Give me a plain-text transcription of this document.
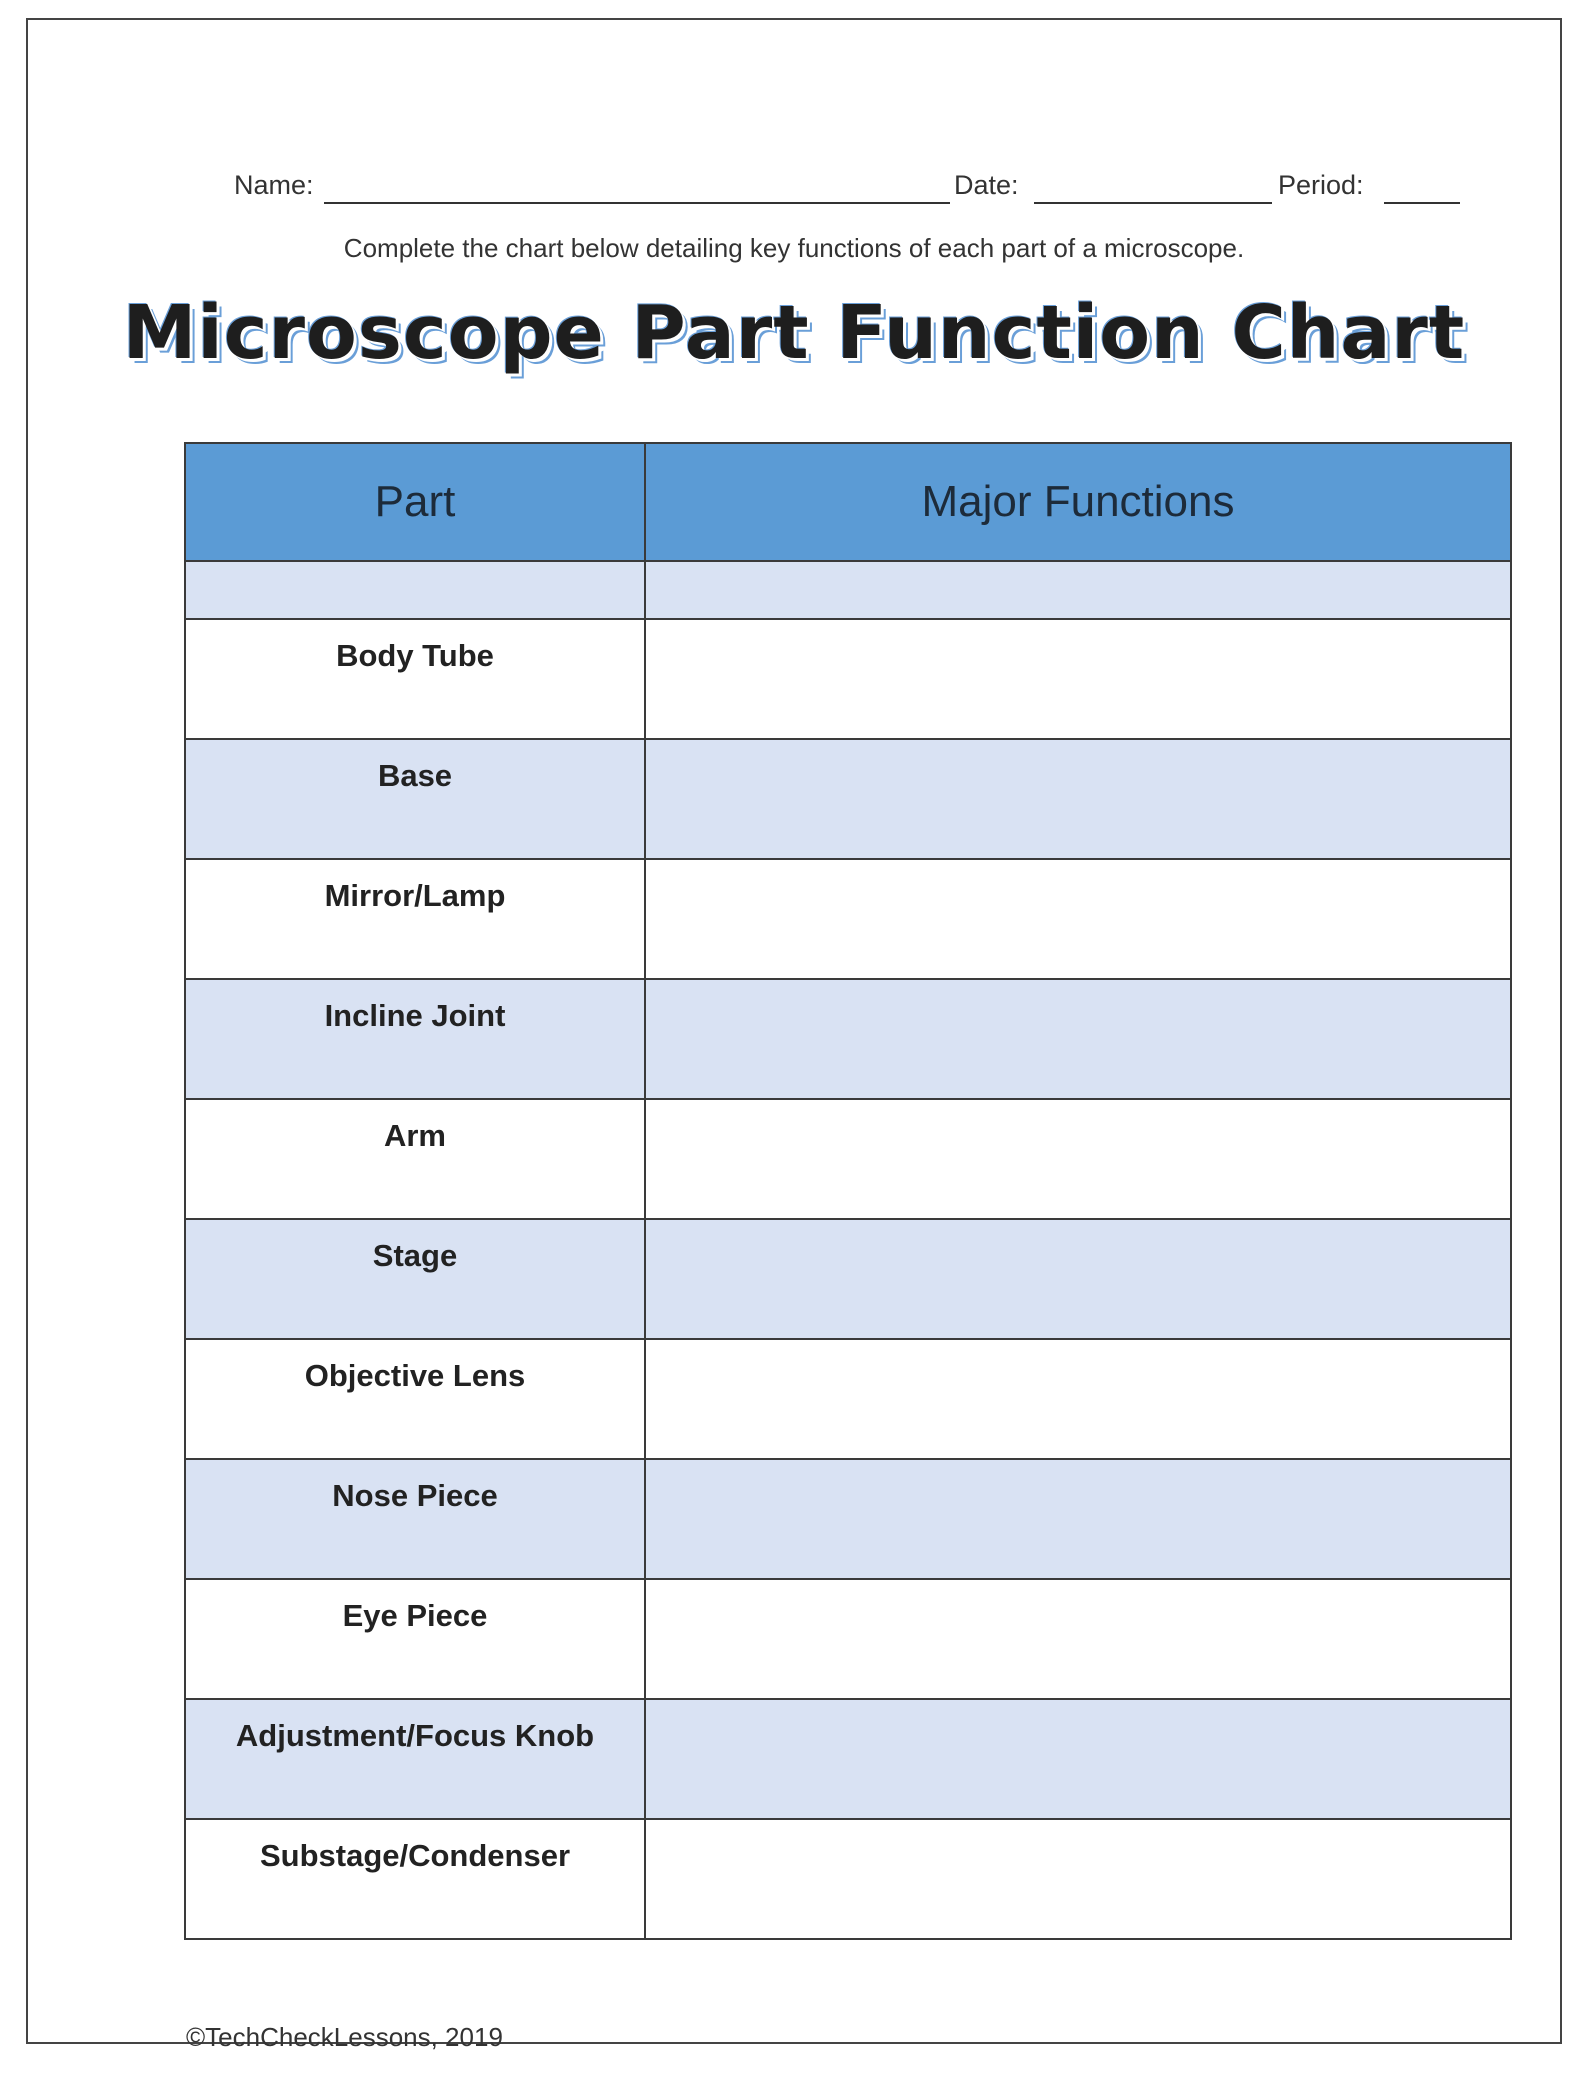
Name:	Date:	Period:
Complete the chart below detailing key functions of each part of a microscope.
Microscope Part Function Chart
Part	Major Functions

Body Tube	
Base	
Mirror/Lamp	
Incline Joint	
Arm	
Stage	
Objective Lens	
Nose Piece	
Eye Piece	
Adjustment/Focus Knob	
Substage/Condenser	
©TechCheckLessons, 2019
